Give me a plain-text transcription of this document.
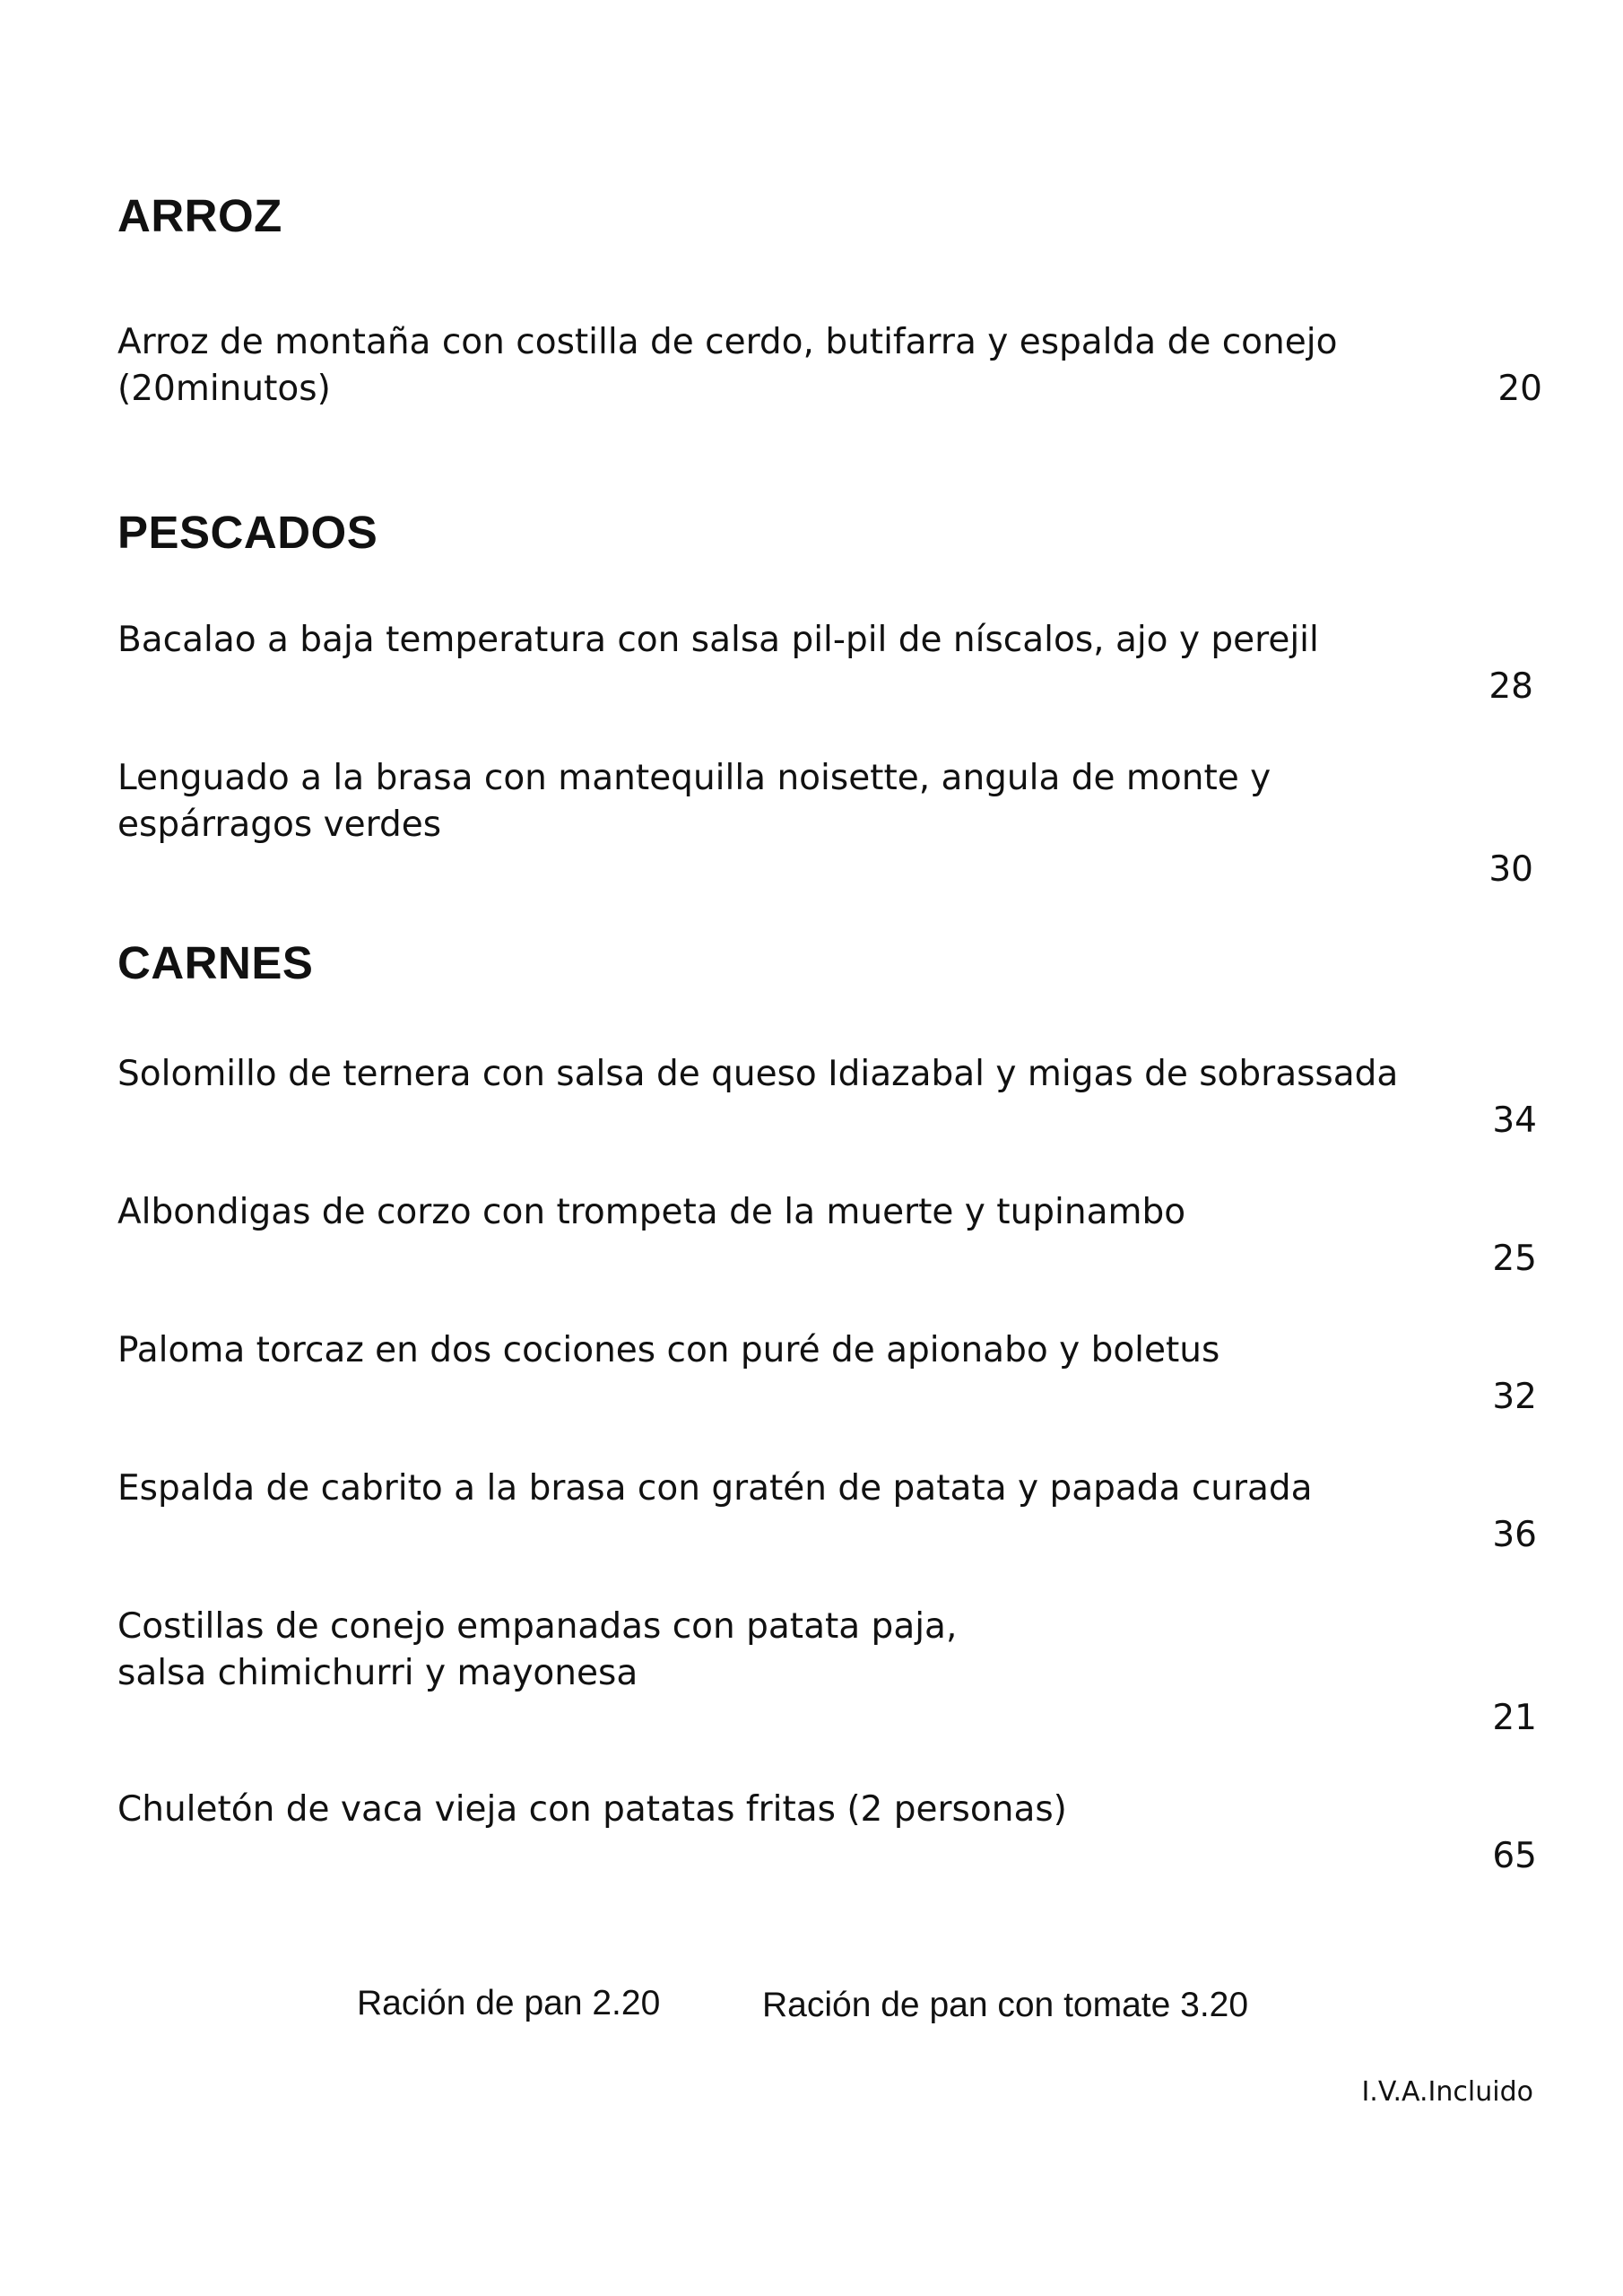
ARROZ
Arroz de montaña con costilla de cerdo, butifarra y espalda de conejo
(20minutos)	20
PESCADOS
Bacalao a baja temperatura con salsa pil-pil de níscalos, ajo y perejil
28
Lenguado a la brasa con mantequilla noisette, angula de monte y
espárragos verdes
30
CARNES
Solomillo de ternera con salsa de queso Idiazabal y migas de sobrassada
34
Albondigas de corzo con trompeta de la muerte y tupinambo
25
Paloma torcaz en dos cociones con puré de apionabo y boletus
32
Espalda de cabrito a la brasa con gratén de patata y papada curada
36
Costillas de conejo empanadas con patata paja,
salsa chimichurri y mayonesa
21
Chuletón de vaca vieja con patatas fritas (2 personas)
65
Ración de pan 2.20	Ración de pan con tomate 3.20
I.V.A.Incluido
